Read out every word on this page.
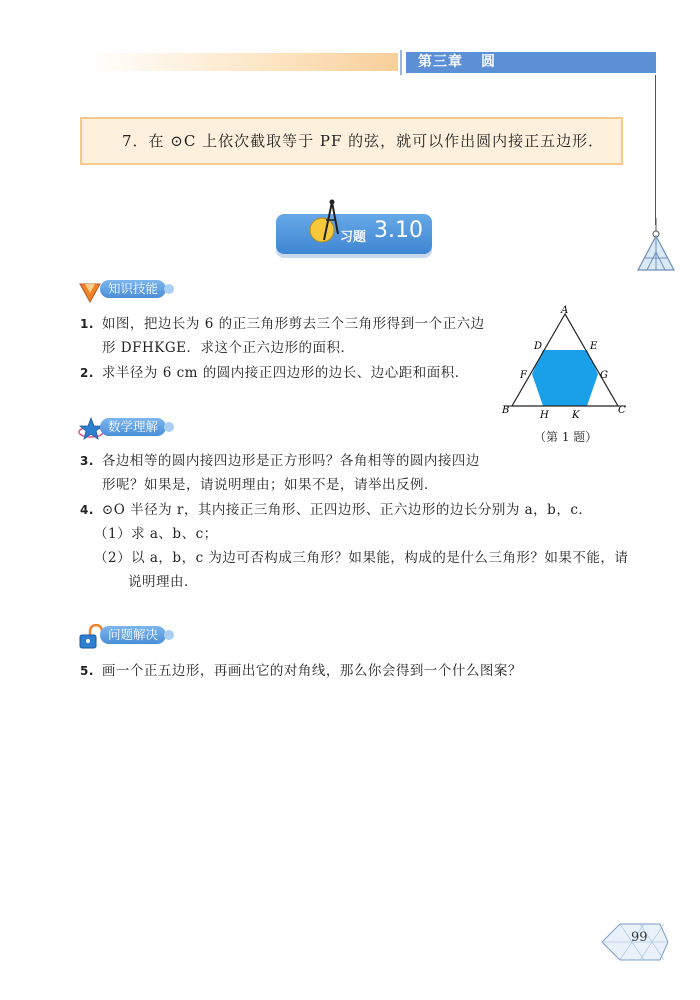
第三章 圆
7．在 ⊙C 上依次截取等于 PF 的弦，就可以作出圆内接正五边形．
习题 3.10
知识技能
1. 如图，把边长为 6 的正三角形剪去三个三角形得到一个正六边
形 DFHKGE．求这个正六边形的面积．
2. 求半径为 6 cm 的圆内接正四边形的边长、边心距和面积．
A
B	C
D	E
F	G
H K
（第 1 题）
数学理解
3. 各边相等的圆内接四边形是正方形吗？各角相等的圆内接四边
形呢？如果是，请说明理由；如果不是，请举出反例．
4. ⊙O 半径为 r，其内接正三角形、正四边形、正六边形的边长分别为 a，b，c．
（1）求 a、b、c；
（2）以 a，b，c 为边可否构成三角形？如果能，构成的是什么三角形？如果不能，请
说明理由．
问题解决
5. 画一个正五边形，再画出它的对角线，那么你会得到一个什么图案？
99
